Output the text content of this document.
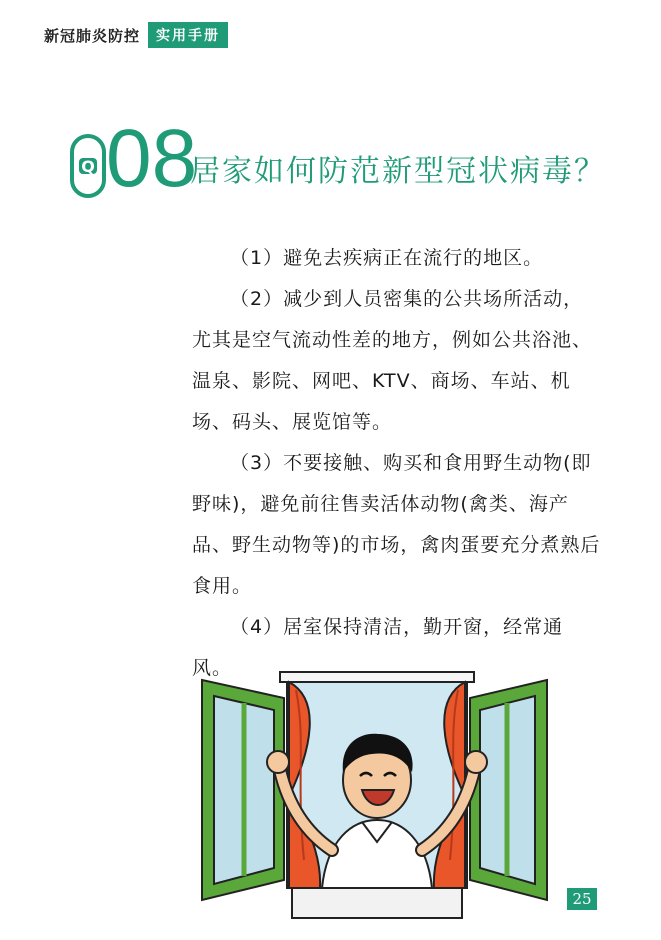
新冠肺炎防控	实用手册
Q 08
居家如何防范新型冠状病毒？

（1）避免去疾病正在流行的地区。

（2）减少到人员密集的公共场所活动，尤其是空气流动性差的地方，例如公共浴池、温泉、影院、网吧、KTV、商场、车站、机场、码头、展览馆等。

（3）不要接触、购买和食用野生动物(即野味)，避免前往售卖活体动物(禽类、海产品、野生动物等)的市场，禽肉蛋要充分煮熟后食用。

（4）居室保持清洁，勤开窗，经常通风。

25
